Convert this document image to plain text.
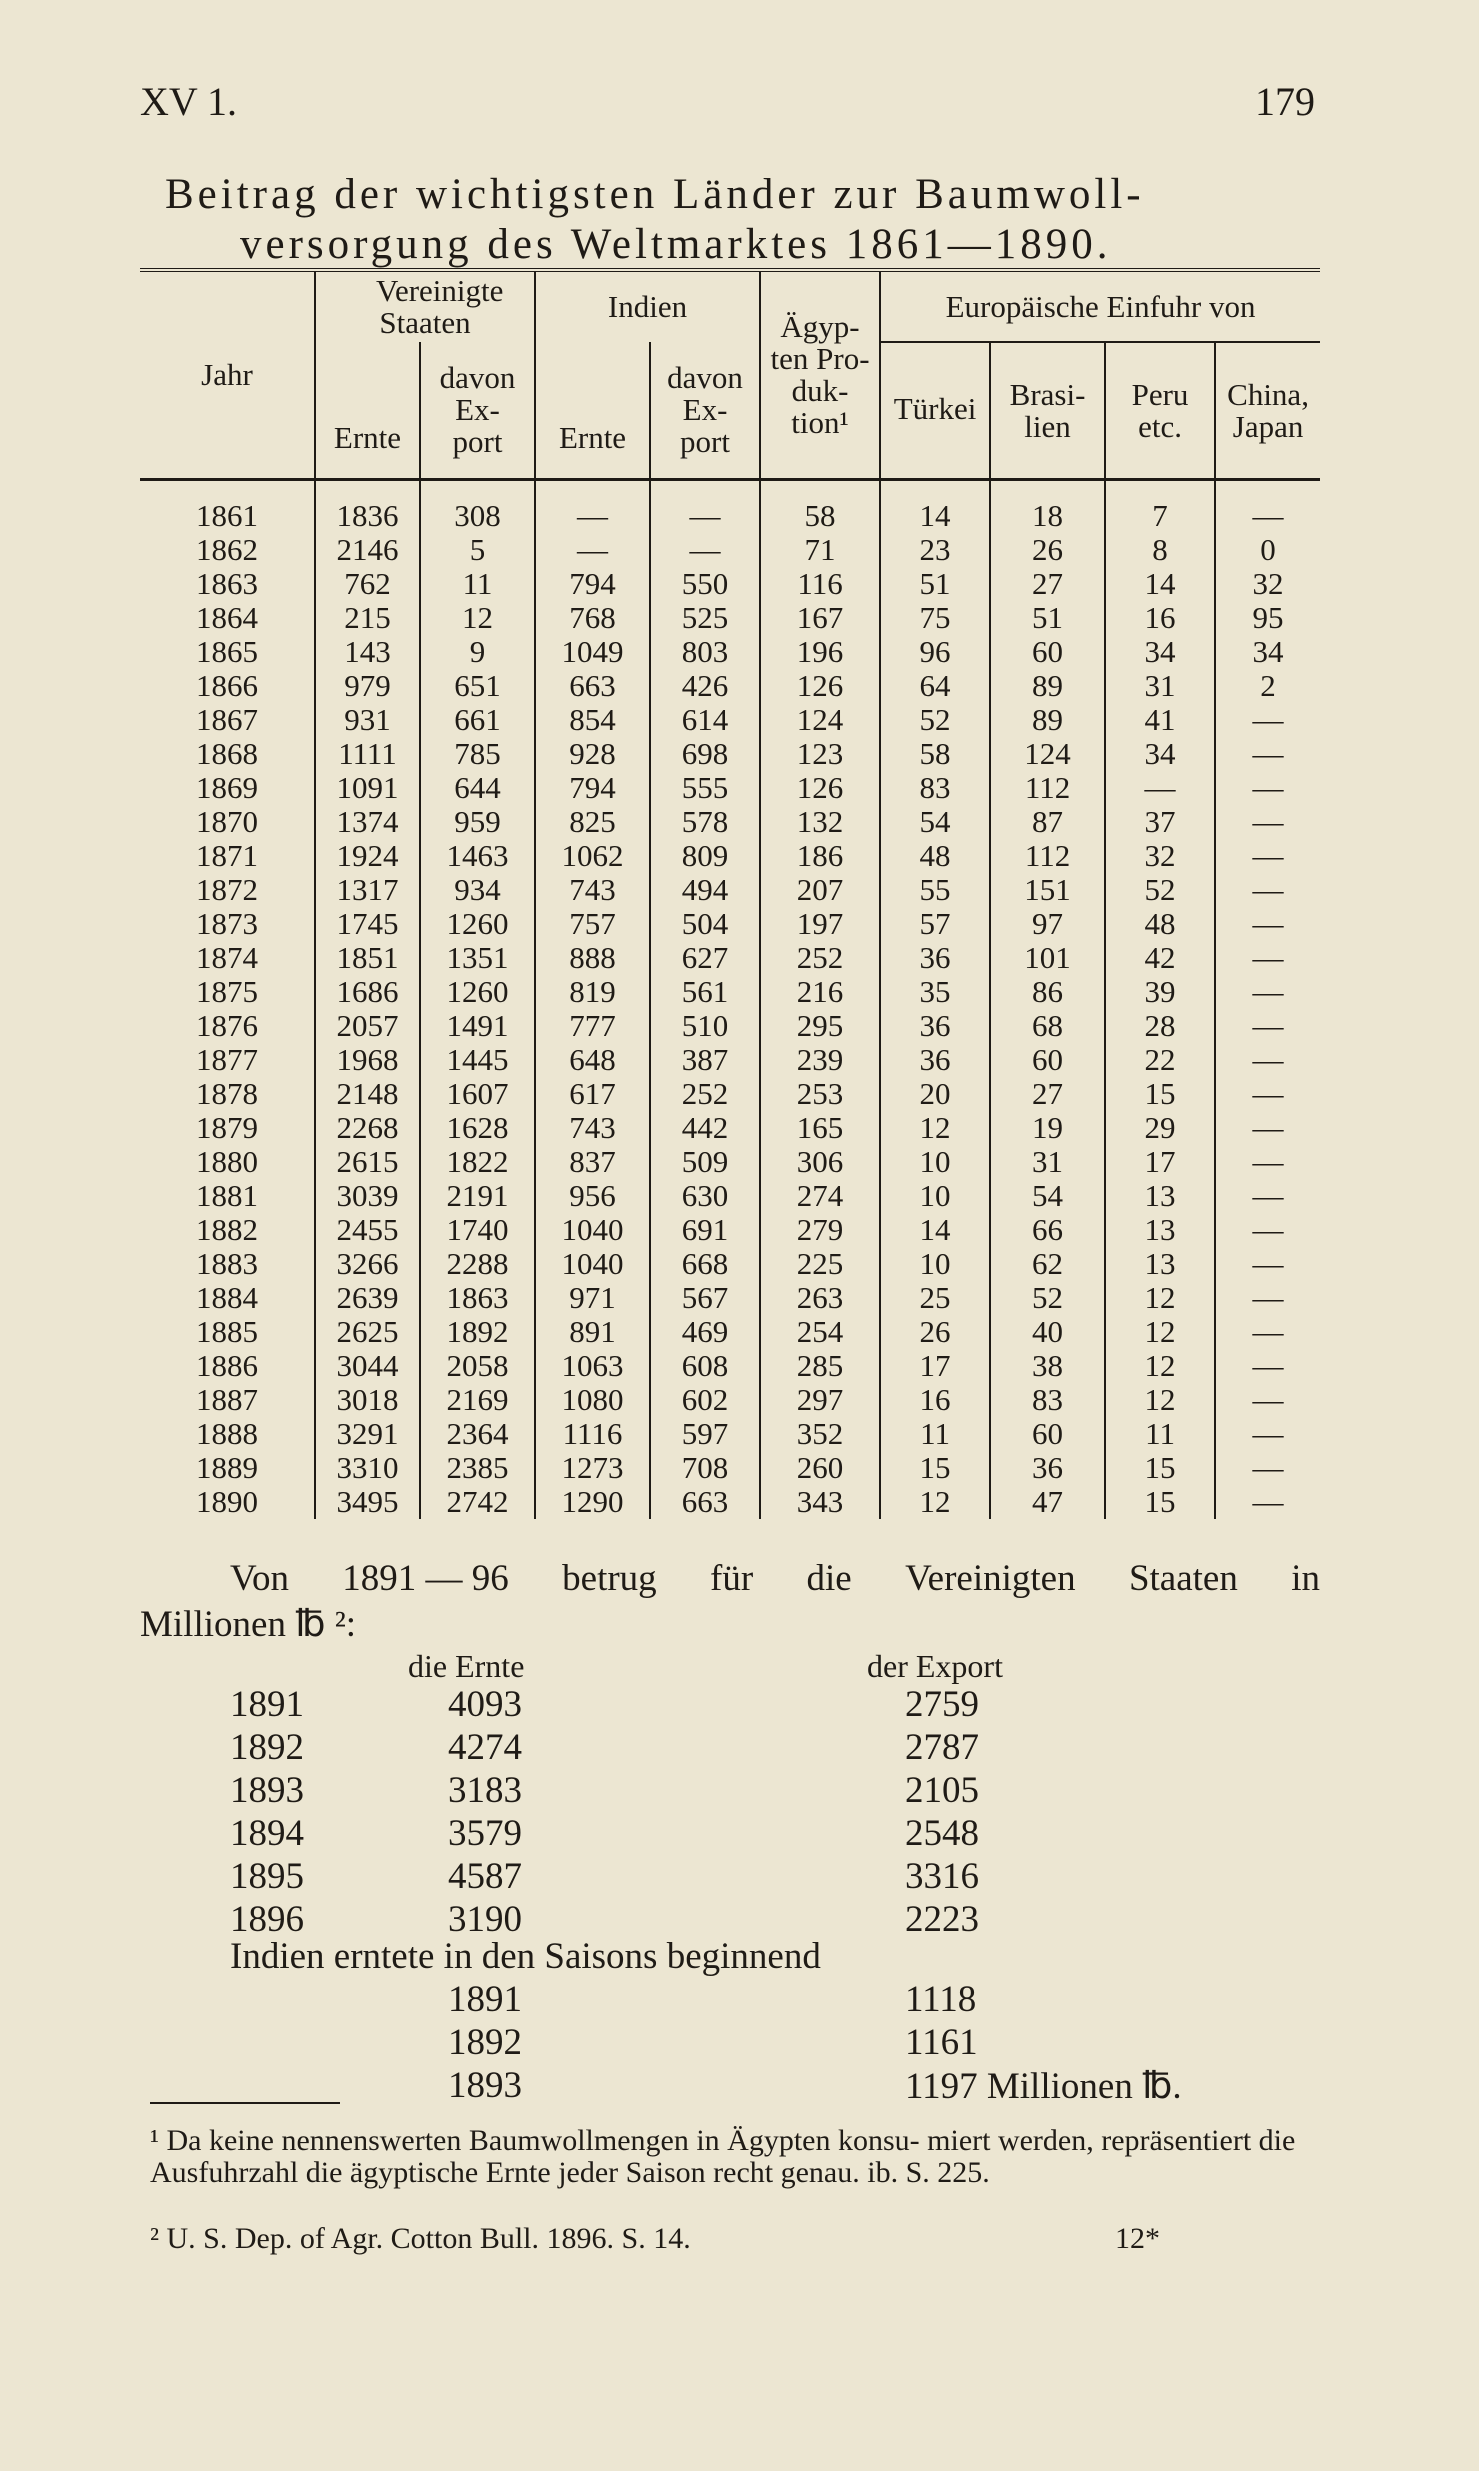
XV 1.	179
Beitrag der wichtigsten Länder zur Baumwoll-
versorgung des Weltmarktes 1861—1890.
Jahr	Vereinigte Staaten		Indien		Ägyp- ten Pro- duk- tion¹	Europäische Einfuhr von			
	Ernte	davon Ex- port	Ernte	davon Ex- port		Türkei	Brasi- lien	Peru etc.	China, Japan

1861	1836	308	—	—	58	14	18	7	—
1862	2146	5	—	—	71	23	26	8	0
1863	762	11	794	550	116	51	27	14	32
1864	215	12	768	525	167	75	51	16	95
1865	143	9	1049	803	196	96	60	34	34
1866	979	651	663	426	126	64	89	31	2
1867	931	661	854	614	124	52	89	41	—
1868	1111	785	928	698	123	58	124	34	—
1869	1091	644	794	555	126	83	112	—	—
1870	1374	959	825	578	132	54	87	37	—
1871	1924	1463	1062	809	186	48	112	32	—
1872	1317	934	743	494	207	55	151	52	—
1873	1745	1260	757	504	197	57	97	48	—
1874	1851	1351	888	627	252	36	101	42	—
1875	1686	1260	819	561	216	35	86	39	—
1876	2057	1491	777	510	295	36	68	28	—
1877	1968	1445	648	387	239	36	60	22	—
1878	2148	1607	617	252	253	20	27	15	—
1879	2268	1628	743	442	165	12	19	29	—
1880	2615	1822	837	509	306	10	31	17	—
1881	3039	2191	956	630	274	10	54	13	—
1882	2455	1740	1040	691	279	14	66	13	—
1883	3266	2288	1040	668	225	10	62	13	—
1884	2639	1863	971	567	263	25	52	12	—
1885	2625	1892	891	469	254	26	40	12	—
1886	3044	2058	1063	608	285	17	38	12	—
1887	3018	2169	1080	602	297	16	83	12	—
1888	3291	2364	1116	597	352	11	60	11	—
1889	3310	2385	1273	708	260	15	36	15	—
1890	3495	2742	1290	663	343	12	47	15	—
Von 1891 — 96 betrug für die Vereinigten Staaten in
Millionen ℔ ²:
die Ernte	der Export
1891	4093	2759
1892	4274	2787
1893	3183	2105
1894	3579	2548
1895	4587	3316
1896	3190	2223
Indien erntete in den Saisons beginnend
1891	1118
1892	1161
1893	1197 Millionen ℔.
¹ Da keine nennenswerten Baumwollmengen in Ägypten konsu- miert werden, repräsentiert die Ausfuhrzahl die ägyptische Ernte jeder Saison recht genau. ib. S. 225.
² U. S. Dep. of Agr. Cotton Bull. 1896. S. 14.	12*
